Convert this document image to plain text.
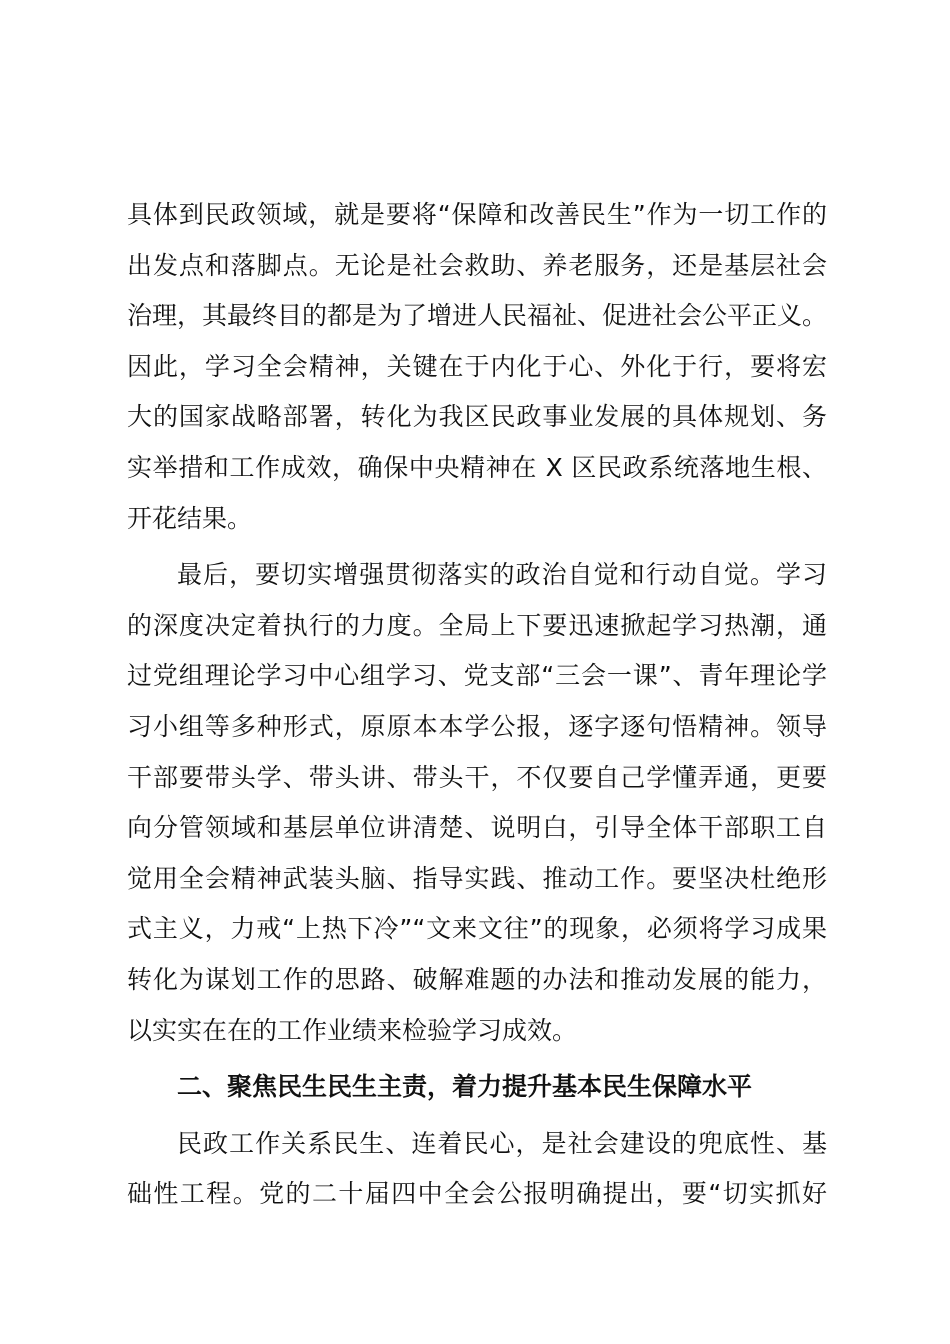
具体到民政领域，就是要将“保障和改善民生”作为一切工作的
出发点和落脚点。无论是社会救助、养老服务，还是基层社会
治理，其最终目的都是为了增进人民福祉、促进社会公平正义。
因此，学习全会精神，关键在于内化于心、外化于行，要将宏
大的国家战略部署，转化为我区民政事业发展的具体规划、务
实举措和工作成效，确保中央精神在 X 区民政系统落地生根、
开花结果。
最后，要切实增强贯彻落实的政治自觉和行动自觉。学习
的深度决定着执行的力度。全局上下要迅速掀起学习热潮，通
过党组理论学习中心组学习、党支部“三会一课”、青年理论学
习小组等多种形式，原原本本学公报，逐字逐句悟精神。领导
干部要带头学、带头讲、带头干，不仅要自己学懂弄通，更要
向分管领域和基层单位讲清楚、说明白，引导全体干部职工自
觉用全会精神武装头脑、指导实践、推动工作。要坚决杜绝形
式主义，力戒“上热下冷”“文来文往”的现象，必须将学习成果
转化为谋划工作的思路、破解难题的办法和推动发展的能力，
以实实在在的工作业绩来检验学习成效。
二、聚焦民生民生主责，着力提升基本民生保障水平
民政工作关系民生、连着民心，是社会建设的兜底性、基
础性工程。党的二十届四中全会公报明确提出，要“切实抓好
